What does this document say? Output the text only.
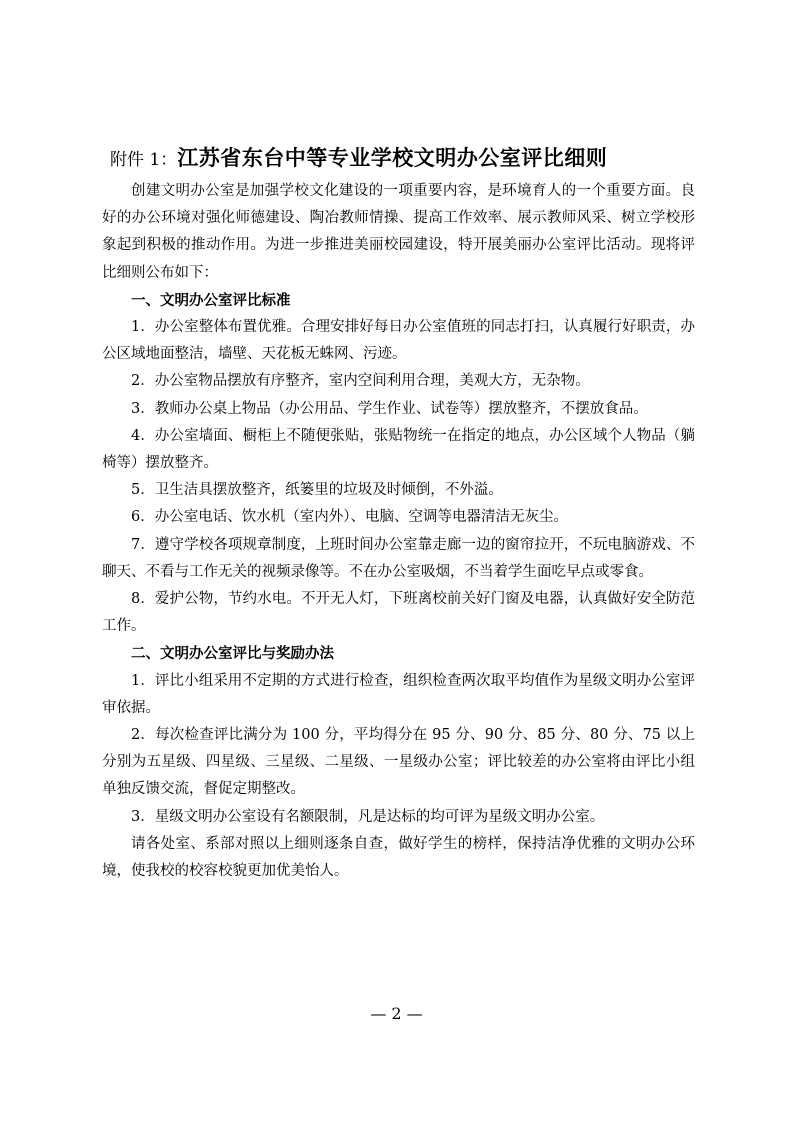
附件 1：江苏省东台中等专业学校文明办公室评比细则

创建文明办公室是加强学校文化建设的一项重要内容，是环境育人的一个重要方面。良好的办公环境对强化师德建设、陶冶教师情操、提高工作效率、展示教师风采、树立学校形象起到积极的推动作用。为进一步推进美丽校园建设，特开展美丽办公室评比活动。现将评比细则公布如下：

一、文明办公室评比标准

1．办公室整体布置优雅。合理安排好每日办公室值班的同志打扫，认真履行好职责，办公区域地面整洁，墙壁、天花板无蛛网、污迹。

2．办公室物品摆放有序整齐，室内空间利用合理，美观大方，无杂物。

3．教师办公桌上物品（办公用品、学生作业、试卷等）摆放整齐，不摆放食品。

4．办公室墙面、橱柜上不随便张贴，张贴物统一在指定的地点，办公区域个人物品（躺椅等）摆放整齐。

5．卫生洁具摆放整齐，纸篓里的垃圾及时倾倒，不外溢。

6．办公室电话、饮水机（室内外）、电脑、空调等电器清洁无灰尘。

7．遵守学校各项规章制度，上班时间办公室靠走廊一边的窗帘拉开，不玩电脑游戏、不聊天、不看与工作无关的视频录像等。不在办公室吸烟，不当着学生面吃早点或零食。

8．爱护公物，节约水电。不开无人灯，下班离校前关好门窗及电器，认真做好安全防范工作。

二、文明办公室评比与奖励办法

1．评比小组采用不定期的方式进行检查，组织检查两次取平均值作为星级文明办公室评审依据。

2．每次检查评比满分为 100 分，平均得分在 95 分、90 分、85 分、80 分、75 以上分别为五星级、四星级、三星级、二星级、一星级办公室；评比较差的办公室将由评比小组单独反馈交流，督促定期整改。

3．星级文明办公室设有名额限制，凡是达标的均可评为星级文明办公室。

请各处室、系部对照以上细则逐条自查，做好学生的榜样，保持洁净优雅的文明办公环境，使我校的校容校貌更加优美怡人。

— 2 —
